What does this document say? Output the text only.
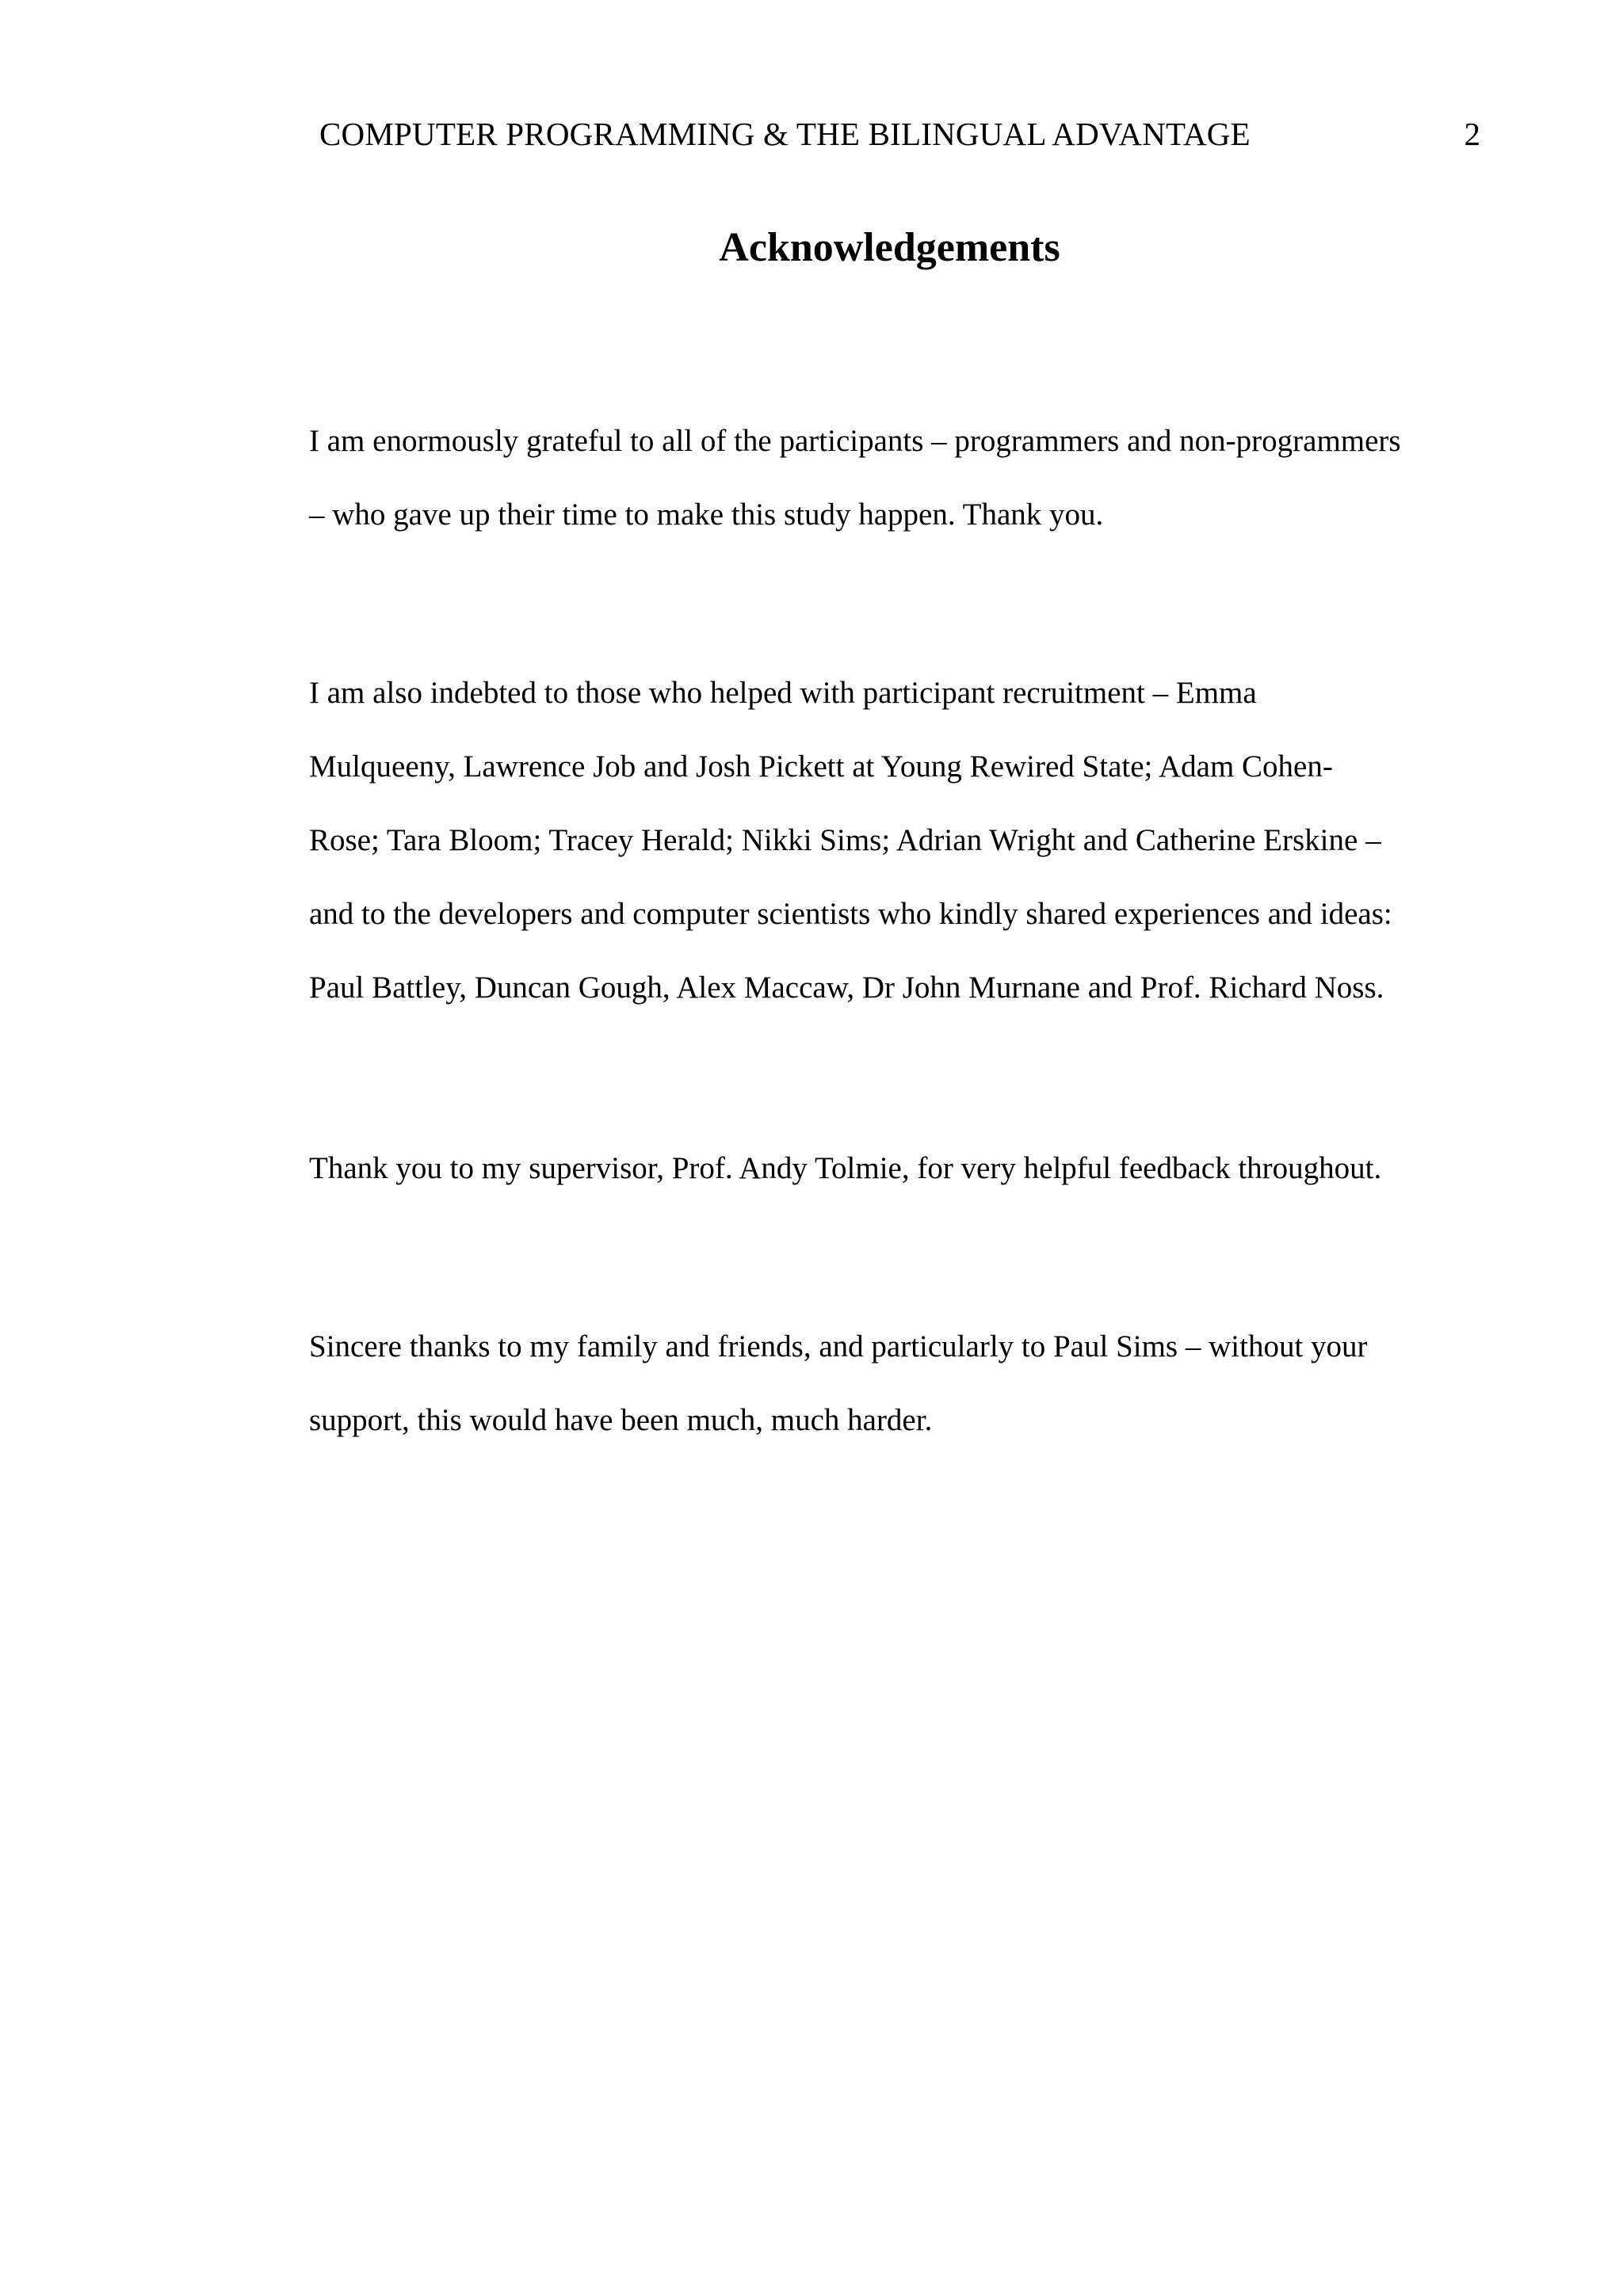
COMPUTER PROGRAMMING & THE BILINGUAL ADVANTAGE	2
Acknowledgements

I am enormously grateful to all of the participants – programmers and non-programmers
– who gave up their time to make this study happen. Thank you.

I am also indebted to those who helped with participant recruitment – Emma
Mulqueeny, Lawrence Job and Josh Pickett at Young Rewired State; Adam Cohen-
Rose; Tara Bloom; Tracey Herald; Nikki Sims; Adrian Wright and Catherine Erskine –
and to the developers and computer scientists who kindly shared experiences and ideas:
Paul Battley, Duncan Gough, Alex Maccaw, Dr John Murnane and Prof. Richard Noss.

Thank you to my supervisor, Prof. Andy Tolmie, for very helpful feedback throughout.

Sincere thanks to my family and friends, and particularly to Paul Sims – without your
support, this would have been much, much harder.
